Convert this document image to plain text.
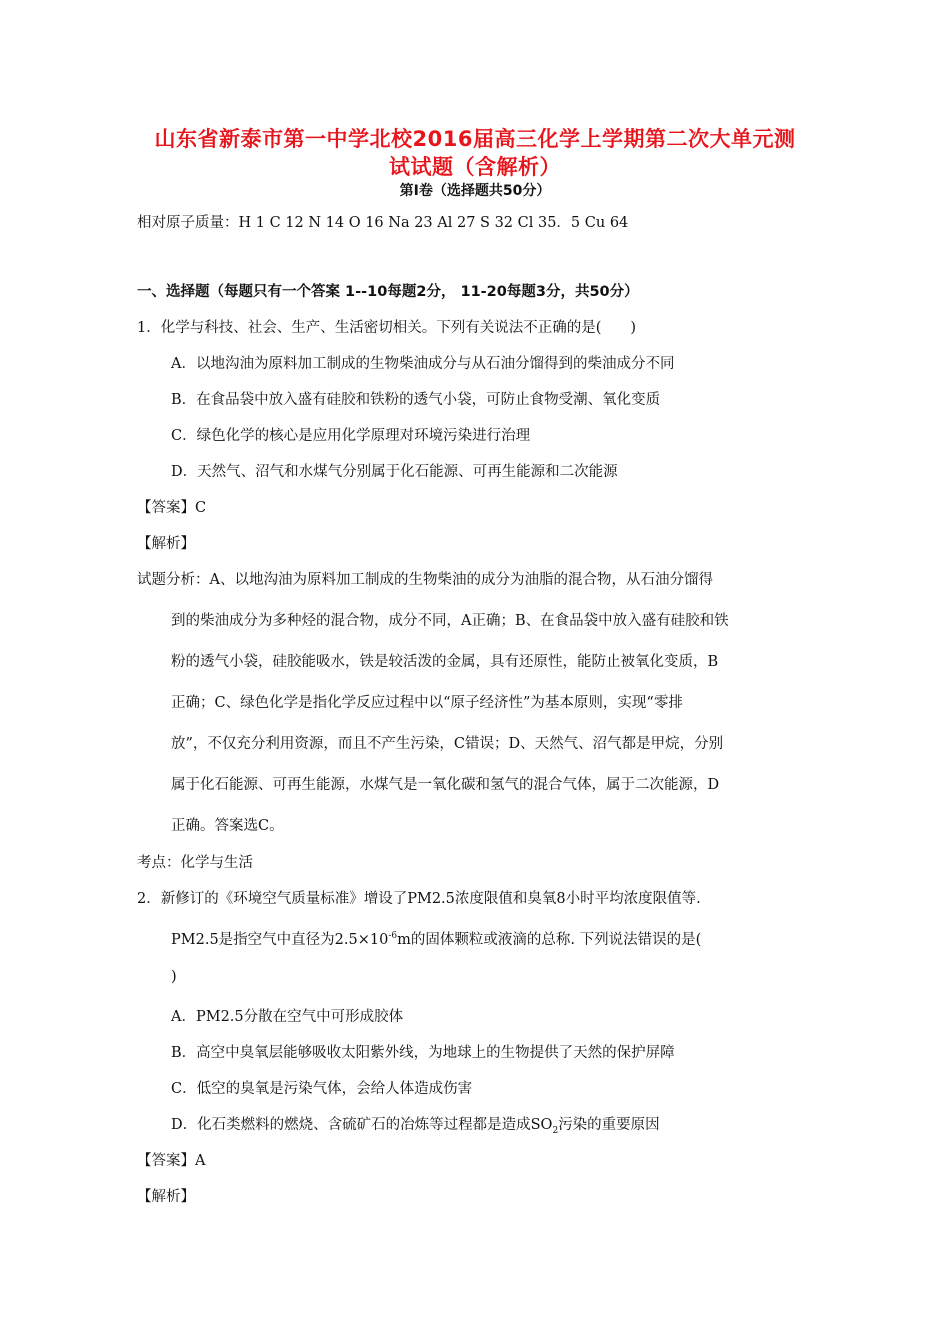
山东省新泰市第一中学北校2016届高三化学上学期第二次大单元测
试试题（含解析）
第Ⅰ卷（选择题共50分）
相对原子质量：H 1 C 12 N 14 O 16 Na 23 Al 27 S 32 Cl 35．5 Cu 64
一、选择题（每题只有一个答案 1--10每题2分， 11-20每题3分，共50分）
1．化学与科技、社会、生产、生活密切相关。下列有关说法不正确的是(　　)
A．以地沟油为原料加工制成的生物柴油成分与从石油分馏得到的柴油成分不同
B．在食品袋中放入盛有硅胶和铁粉的透气小袋，可防止食物受潮、氧化变质
C．绿色化学的核心是应用化学原理对环境污染进行治理
D．天然气、沼气和水煤气分别属于化石能源、可再生能源和二次能源
【答案】C
【解析】
试题分析：A、以地沟油为原料加工制成的生物柴油的成分为油脂的混合物，从石油分馏得
到的柴油成分为多种烃的混合物，成分不同，A正确；B、在食品袋中放入盛有硅胶和铁
粉的透气小袋，硅胶能吸水，铁是较活泼的金属，具有还原性，能防止被氧化变质，B
正确；C、绿色化学是指化学反应过程中以“原子经济性”为基本原则，实现“零排
放”，不仅充分利用资源，而且不产生污染，C错误；D、天然气、沼气都是甲烷，分别
属于化石能源、可再生能源，水煤气是一氧化碳和氢气的混合气体，属于二次能源，D
正确。答案选C。
考点：化学与生活
2．新修订的《环境空气质量标准》增设了PM2.5浓度限值和臭氧8小时平均浓度限值等.
PM2.5是指空气中直径为$2.5\times 10^{-6}m$的固体颗粒或液滴的总称. 下列说法错误的是(
)
A．PM2.5分散在空气中可形成胶体
B．高空中臭氧层能够吸收太阳紫外线，为地球上的生物提供了天然的保护屏障
C．低空的臭氧是污染气体，会给人体造成伤害
D．化石类燃料的燃烧、含硫矿石的冶炼等过程都是造成$SO_2$污染的重要原因
【答案】A
【解析】
